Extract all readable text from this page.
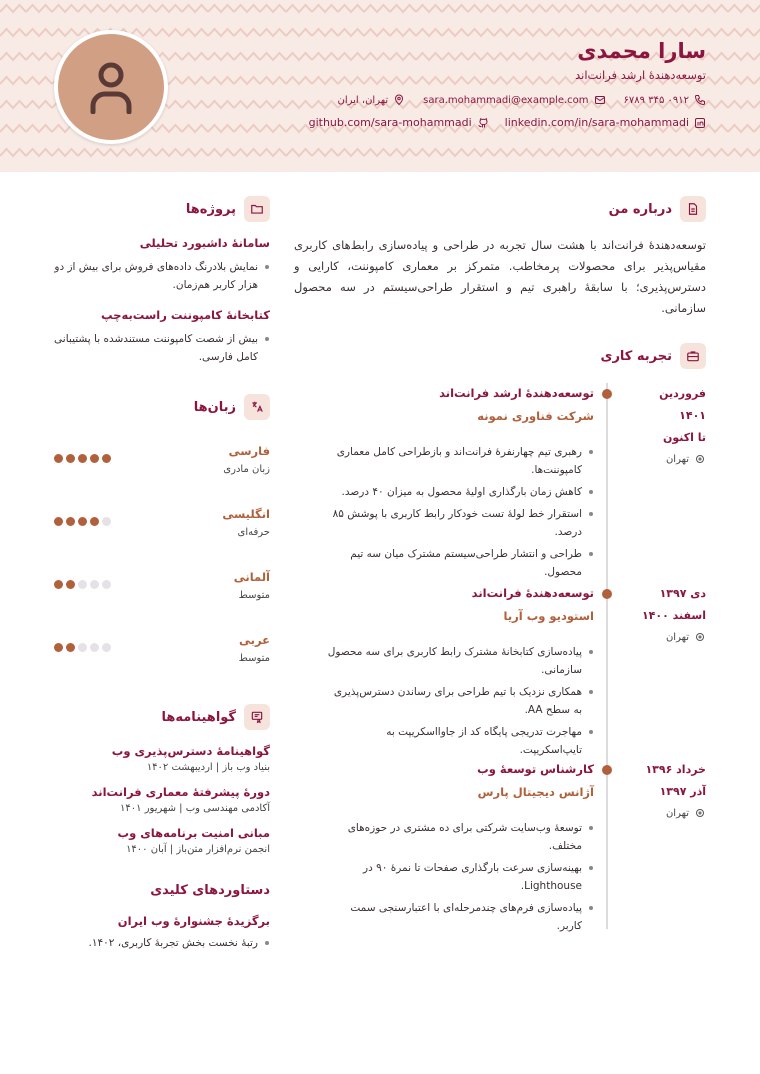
سارا محمدی
توسعه‌دهندهٔ ارشد فرانت‌اند
۰۹۱۲ ۳۴۵ ۶۷۸۹
sara.mohammadi@example.com
تهران، ایران
linkedin.com/in/sara-mohammadi
github.com/sara-mohammadi
درباره من

توسعه‌دهندهٔ فرانت‌اند با هشت سال تجربه در طراحی و پیاده‌سازی رابط‌های کاربری مقیاس‌پذیر برای محصولات پرمخاطب. متمرکز بر معماری کامپوننت، کارایی و دسترس‌پذیری؛ با سابقهٔ راهبری تیم و استقرار طراحی‌سیستم در سه محصول سازمانی.

تجربه کاری
فروردین ۱۴۰۱
تا اکنون
تهران
توسعه‌دهندهٔ ارشد فرانت‌اند
شرکت فناوری نمونه
رهبری تیم چهارنفرهٔ فرانت‌اند و بازطراحی کامل معماری کامپوننت‌ها.
کاهش زمان بارگذاری اولیهٔ محصول به میزان ۴۰ درصد.
استقرار خط لولهٔ تست خودکار رابط کاربری با پوشش ۸۵ درصد.
طراحی و انتشار طراحی‌سیستم مشترک میان سه تیم محصول.
دی ۱۳۹۷
اسفند ۱۴۰۰
تهران
توسعه‌دهندهٔ فرانت‌اند
استودیو وب آریا
پیاده‌سازی کتابخانهٔ مشترک رابط کاربری برای سه محصول سازمانی.
همکاری نزدیک با تیم طراحی برای رساندن دسترس‌پذیری به سطح AA.
مهاجرت تدریجی پایگاه کد از جاوااسکریپت به تایپ‌اسکریپت.
خرداد ۱۳۹۶
آذر ۱۳۹۷
تهران
کارشناس توسعهٔ وب
آژانس دیجیتال پارس
توسعهٔ وب‌سایت شرکتی برای ده مشتری در حوزه‌های مختلف.
بهینه‌سازی سرعت بارگذاری صفحات تا نمرهٔ ۹۰ در Lighthouse.
پیاده‌سازی فرم‌های چندمرحله‌ای با اعتبارسنجی سمت کاربر.
پروژه‌ها
سامانهٔ داشبورد تحلیلی
نمایش بلادرنگ داده‌های فروش برای بیش از دو هزار کاربر هم‌زمان.
کتابخانهٔ کامپوننت راست‌به‌چپ
بیش از شصت کامپوننت مستندشده با پشتیبانی کامل فارسی.
زبان‌ها
فارسی
زبان مادری
انگلیسی
حرفه‌ای
آلمانی
متوسط
عربی
متوسط
گواهینامه‌ها
گواهینامهٔ دسترس‌پذیری وب
بنیاد وب باز | اردیبهشت ۱۴۰۲
دورهٔ پیشرفتهٔ معماری فرانت‌اند
آکادمی مهندسی وب | شهریور ۱۴۰۱
مبانی امنیت برنامه‌های وب
انجمن نرم‌افزار متن‌باز | آبان ۱۴۰۰
دستاوردهای کلیدی
برگزیدهٔ جشنوارهٔ وب ایران
رتبهٔ نخست بخش تجربهٔ کاربری، ۱۴۰۲.
